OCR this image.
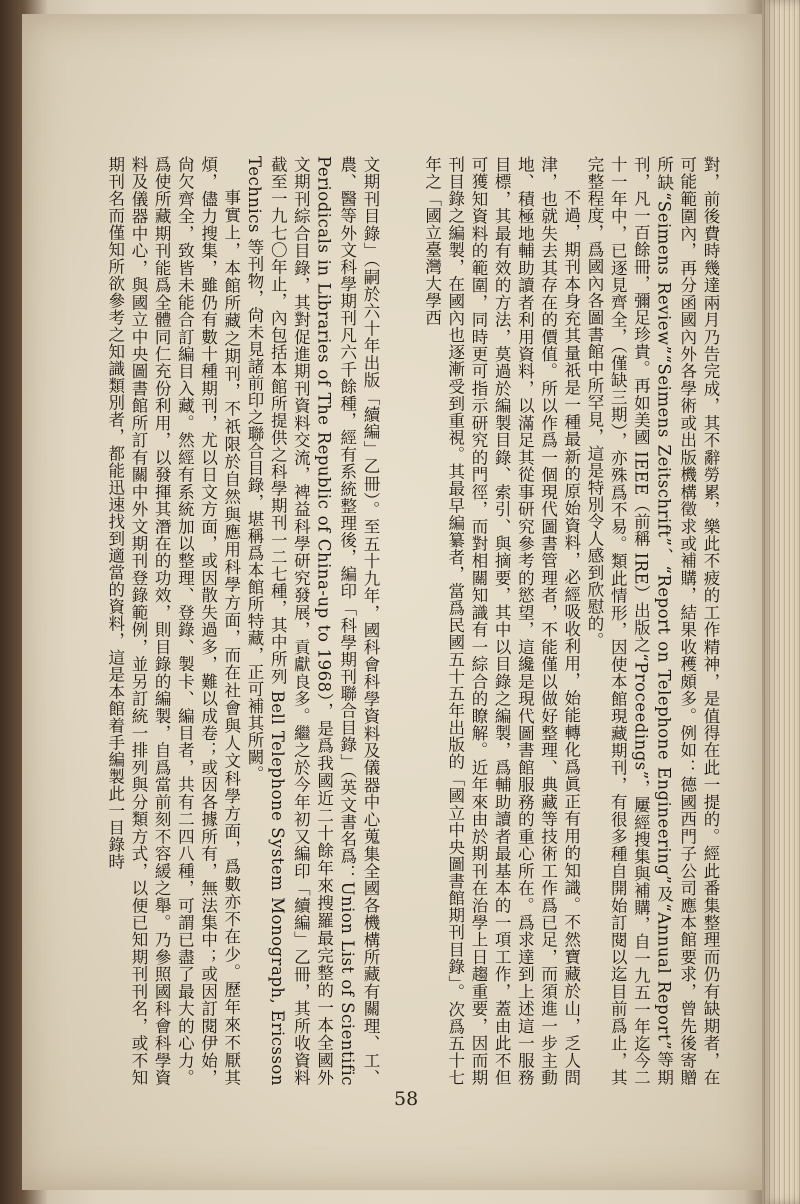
文期刊目錄」（嗣於六十年出版「續編」乙冊）。至五十九年，國科會科學資料及儀器中心蒐集全國各機構所藏有關理、工、農、醫等外文科學期刊凡六千餘種，經有系統整理後，編印「科學期刊聯合目錄」（英文書名爲：Union List of Scientific Periodicals in Libraries of The Republic of China-up to 1968），是爲我國近二十餘年來搜羅最完整的一本全國外文期刊綜合目錄，其對促進期刊資料交流，裨益科學研究發展，貢獻良多。繼之於今年初又編印「續編」乙冊，其所收資料截至一九七〇年止，內包括本館所提供之科學期刊一二七種，其中所列 Bell Telephone System Monograph, Ericsson Technics 等刊物，尙未見諸前印之聯合目錄，堪稱爲本館所特藏，正可補其所闕。

事實上，本館所藏之期刊，不祇限於自然與應用科學方面，而在社會與人文科學方面，爲數亦不在少。歷年來不厭其煩，儘力搜集，雖仍有數十種期刊，尤以日文方面，或因散失過多，難以成卷；或因各據所有，無法集中；或因訂閱伊始，尙欠齊全，致皆未能合訂編目入藏。然經有系統加以整理、登錄、製卡、編目者，共有二四八種，可謂已盡了最大的心力。爲使所藏期刊能爲全體同仁充份利用，以發揮其潛在的功效，則目錄的編製，自爲當前刻不容緩之舉。乃參照國科會科學資料及儀器中心，與國立中央圖書館所訂有關中外文期刊登錄範例，並另訂統一排列與分類方式，以便已知期刊刊名，或不知期刊名而僅知所欲參考之知識類別者，都能迅速找到適當的資料，這是本館着手編製此一目錄時	對，前後費時幾達兩月乃告完成，其不辭勞累，樂此不疲的工作精神，是值得在此一提的。經此番集整理而仍有缺期者，在可能範圍內，再分函國內外各學術或出版機構徵求或補購，結果收穫頗多。例如：德國西門子公司應本館要求，曾先後寄贈所缺“Seimens Review”“Seimens Zeitschrift”、“Report on Telephone Engineering”及“Annual Report”等期刊，凡一百餘冊，彌足珍貴。再如美國 IEEE（前稱 IRE）出版之“Proceedings”，屢經搜集與補購，自一九五一年迄今二十一年中，已逐見齊全，（僅缺三期），亦殊爲不易。類此情形，因使本館現藏期刊，有很多種自開始訂閱以迄目前爲止，其完整程度，爲國內各圖書館中所罕見，這是特別令人感到欣慰的。

不過，期刊本身充其量祇是一種最新的原始資料，必經吸收利用，始能轉化爲眞正有用的知識。不然寶藏於山，乏人問津，也就失去其存在的價值。所以作爲一個現代圖書管理者，不能僅以做好整理、典藏等技術工作爲已足，而須進一步主動地、積極地輔助讀者利用資料，以滿足其從事研究參考的慾望，這纔是現代圖書館服務的重心所在。爲求達到上述這一服務目標，其最有效的方法，莫過於編製目錄、索引、與摘要，其中以目錄之編製，爲輔助讀者最基本的一項工作，蓋由此不但可獲知資料的範圍，同時更可指示研究的門徑，而對相關知識有一綜合的瞭解。近年來由於期刊在治學上日趨重要，因而期刊目錄之編製，在國內也逐漸受到重視。其最早編纂者，當爲民國五十五年出版的「國立中央圖書館期刊目錄」。次爲五十七年之「國立臺灣大學西

58
